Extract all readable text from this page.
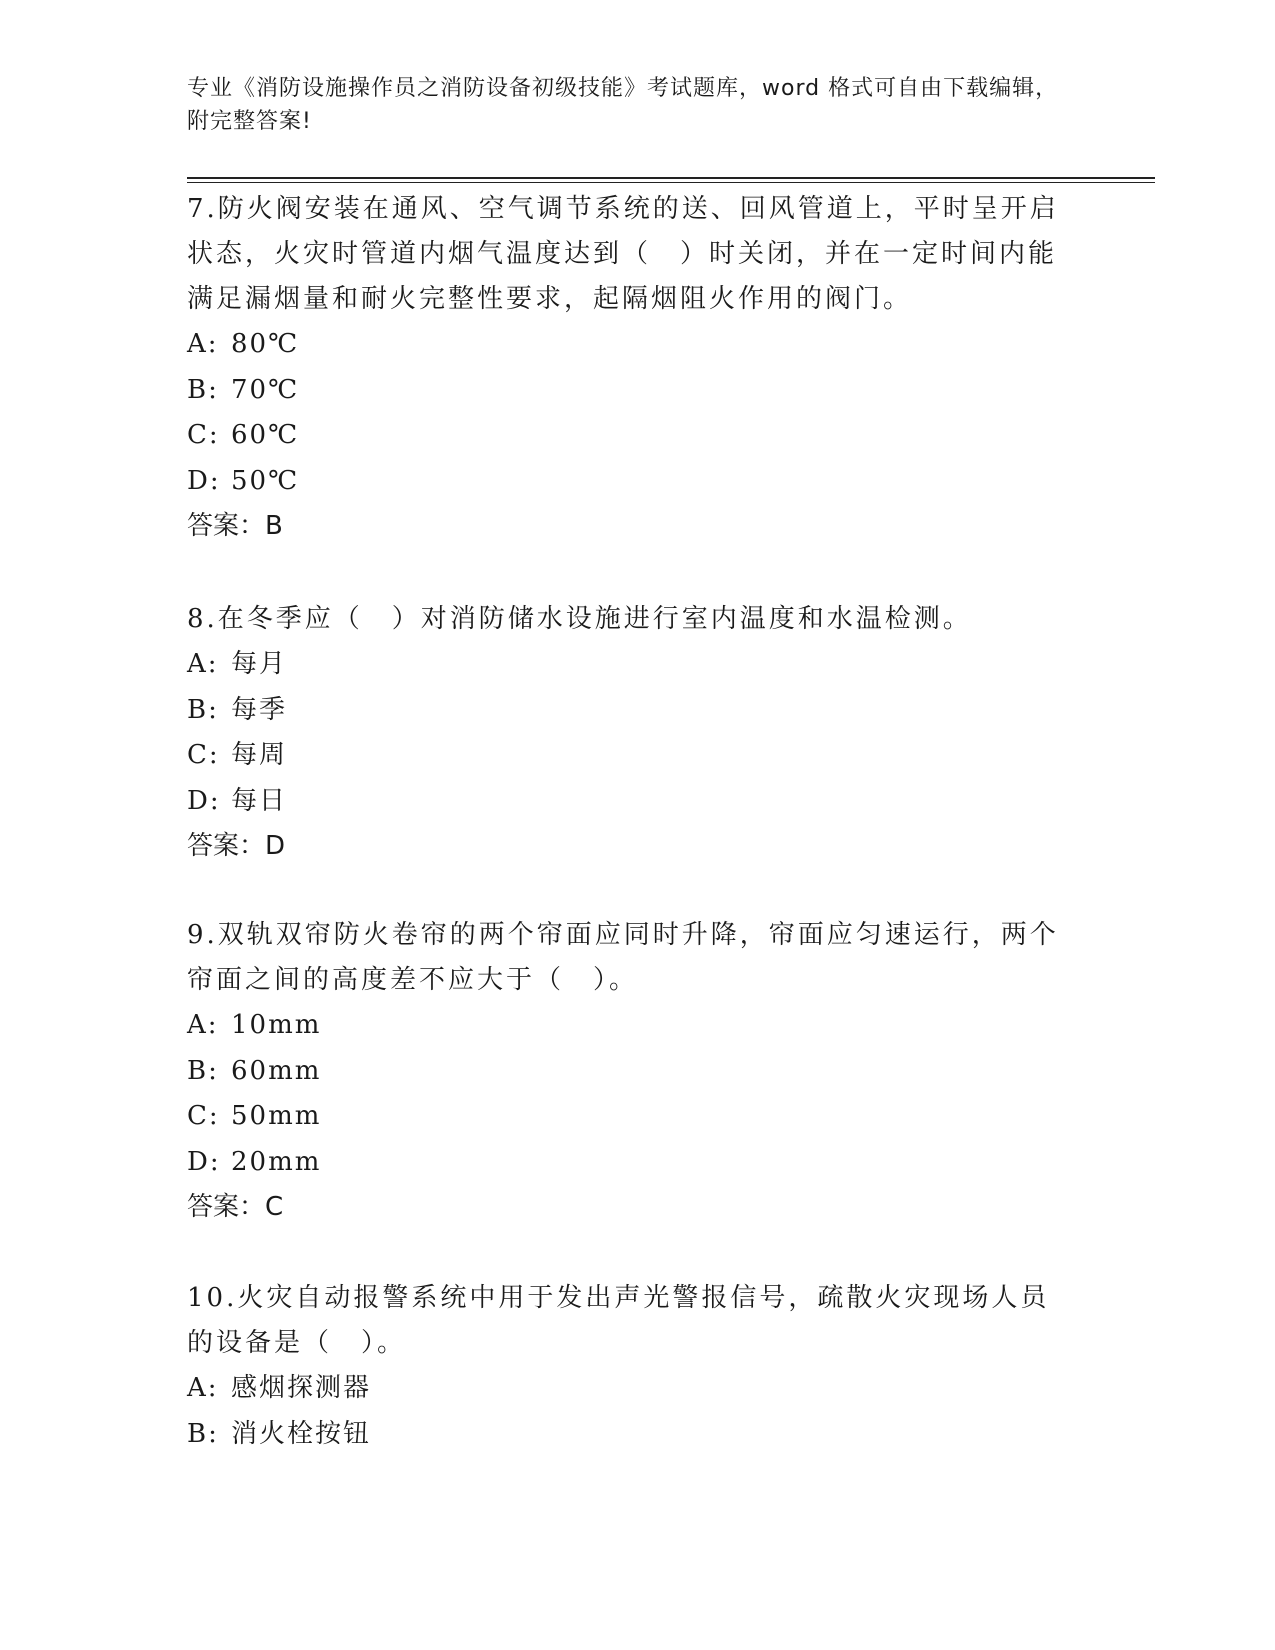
专业《消防设施操作员之消防设备初级技能》考试题库，word 格式可自由下载编辑，附完整答案!

7.防火阀安装在通风、空气调节系统的送、回风管道上，平时呈开启状态，火灾时管道内烟气温度达到（　）时关闭，并在一定时间内能满足漏烟量和耐火完整性要求，起隔烟阻火作用的阀门。

A: 80℃

B: 70℃

C: 60℃

D: 50℃

答案：B

8.在冬季应（　）对消防储水设施进行室内温度和水温检测。

A: 每月

B: 每季

C: 每周

D: 每日

答案：D

9.双轨双帘防火卷帘的两个帘面应同时升降，帘面应匀速运行，两个帘面之间的高度差不应大于（　）。

A: 10mm

B: 60mm

C: 50mm

D: 20mm

答案：C

10.火灾自动报警系统中用于发出声光警报信号，疏散火灾现场人员的设备是（　）。

A: 感烟探测器

B: 消火栓按钮
